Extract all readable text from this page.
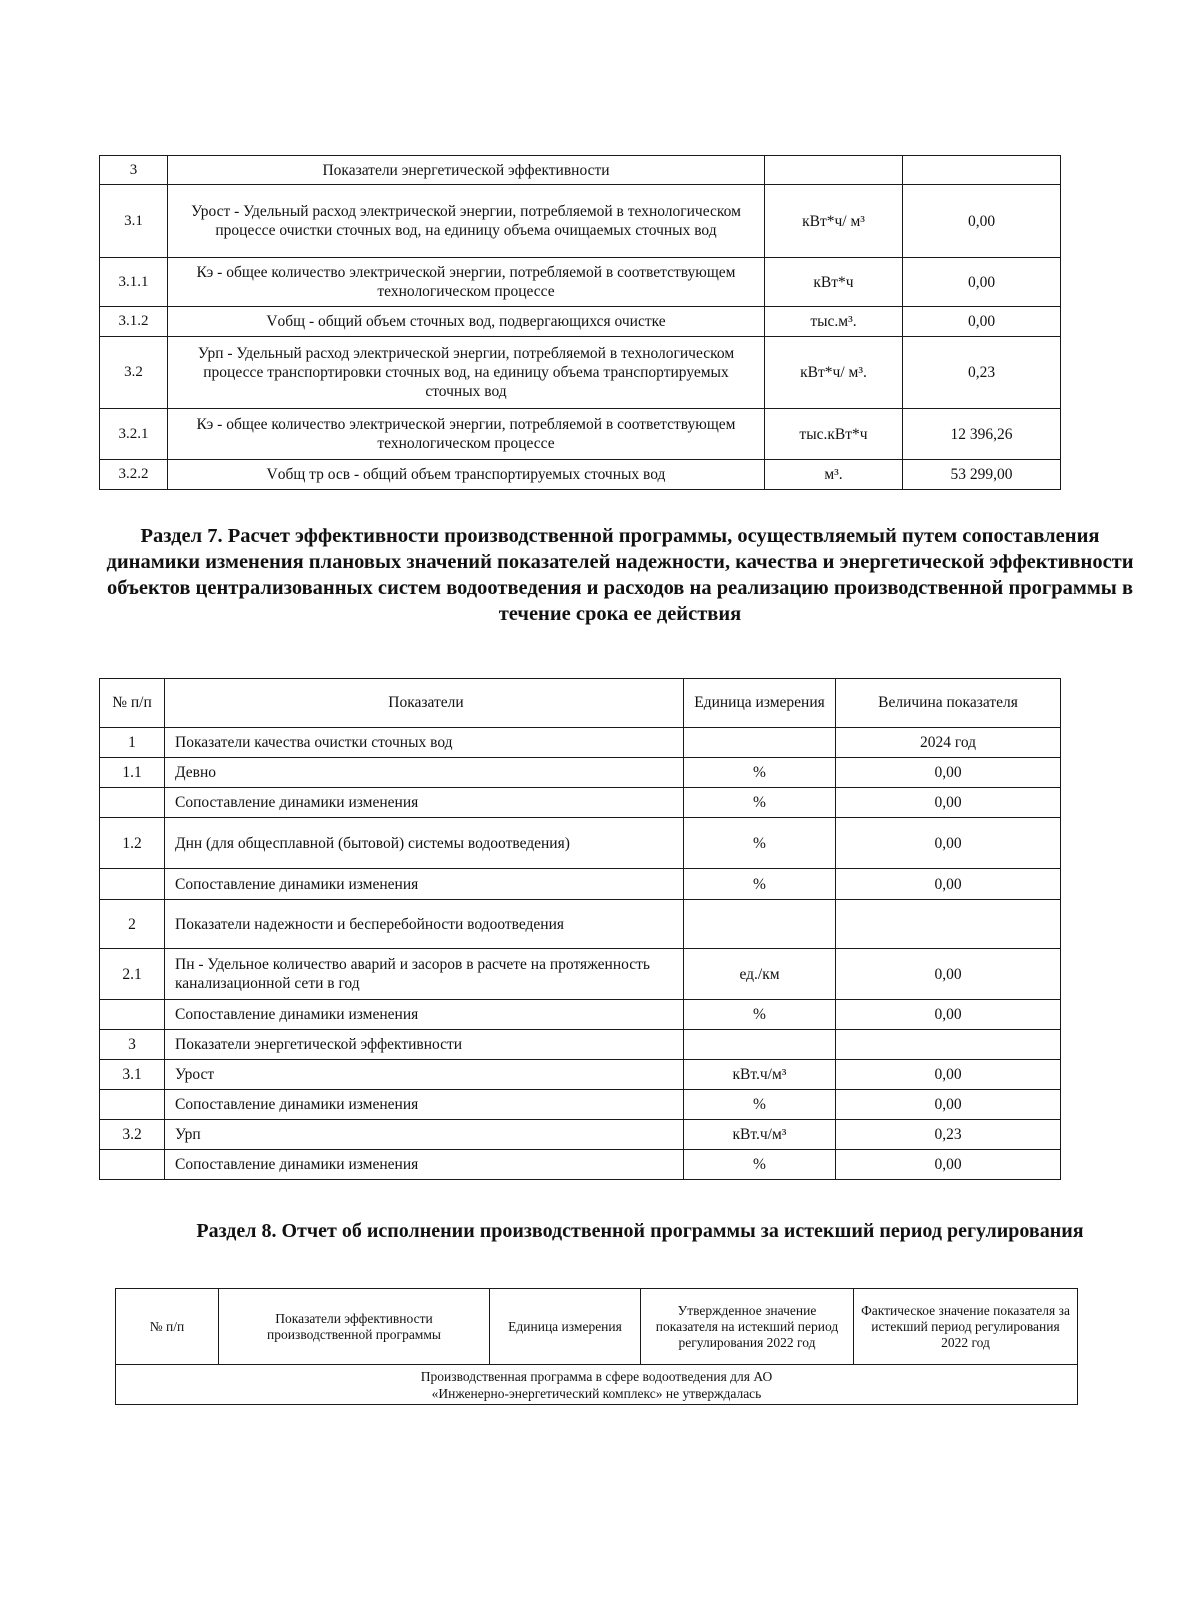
3	Показатели энергетической эффективности		
3.1	Урост - Удельный расход электрической энергии, потребляемой в технологическом процессе очистки сточных вод, на единицу объема очищаемых сточных вод	кВт*ч/ м³	0,00
3.1.1	Кэ - общее количество электрической энергии, потребляемой в соответствующем технологическом процессе	кВт*ч	0,00
3.1.2	Vобщ - общий объем сточных вод, подвергающихся очистке	тыс.м³.	0,00
3.2	Урп - Удельный расход электрической энергии, потребляемой в технологическом процессе транспортировки сточных вод, на единицу объема транспортируемых сточных вод	кВт*ч/ м³.	0,23
3.2.1	Кэ - общее количество электрической энергии, потребляемой в соответствующем технологическом процессе	тыс.кВт*ч	12 396,26
3.2.2	Vобщ тр осв - общий объем транспортируемых сточных вод	м³.	53 299,00
Раздел 7. Расчет эффективности производственной программы, осуществляемый путем сопоставления динамики изменения плановых значений показателей надежности, качества и энергетической эффективности объектов централизованных систем водоотведения и расходов на реализацию производственной программы в течение срока ее действия
№ п/п	Показатели	Единица измерения	Величина показателя
1	Показатели качества очистки сточных вод		2024 год
1.1	Девно	%	0,00
	Сопоставление динамики изменения	%	0,00
1.2	Днн (для общесплавной (бытовой) системы водоотведения)	%	0,00
	Сопоставление динамики изменения	%	0,00
2	Показатели надежности и бесперебойности водоотведения		
2.1	Пн - Удельное количество аварий и засоров в расчете на протяженность канализационной сети в год	ед./км	0,00
	Сопоставление динамики изменения	%	0,00
3	Показатели энергетической эффективности		
3.1	Урост	кВт.ч/м³	0,00
	Сопоставление динамики изменения	%	0,00
3.2	Урп	кВт.ч/м³	0,23
	Сопоставление динамики изменения	%	0,00
Раздел 8. Отчет об исполнении производственной программы за истекший период регулирования
№ п/п	Показатели эффективности производственной программы	Единица измерения	Утвержденное значение показателя на истекший период регулирования 2022 год	Фактическое значение показателя за истекший период регулирования 2022 год
Производственная программа в сфере водоотведения для АО «Инженерно-энергетический комплекс» не утверждалась
